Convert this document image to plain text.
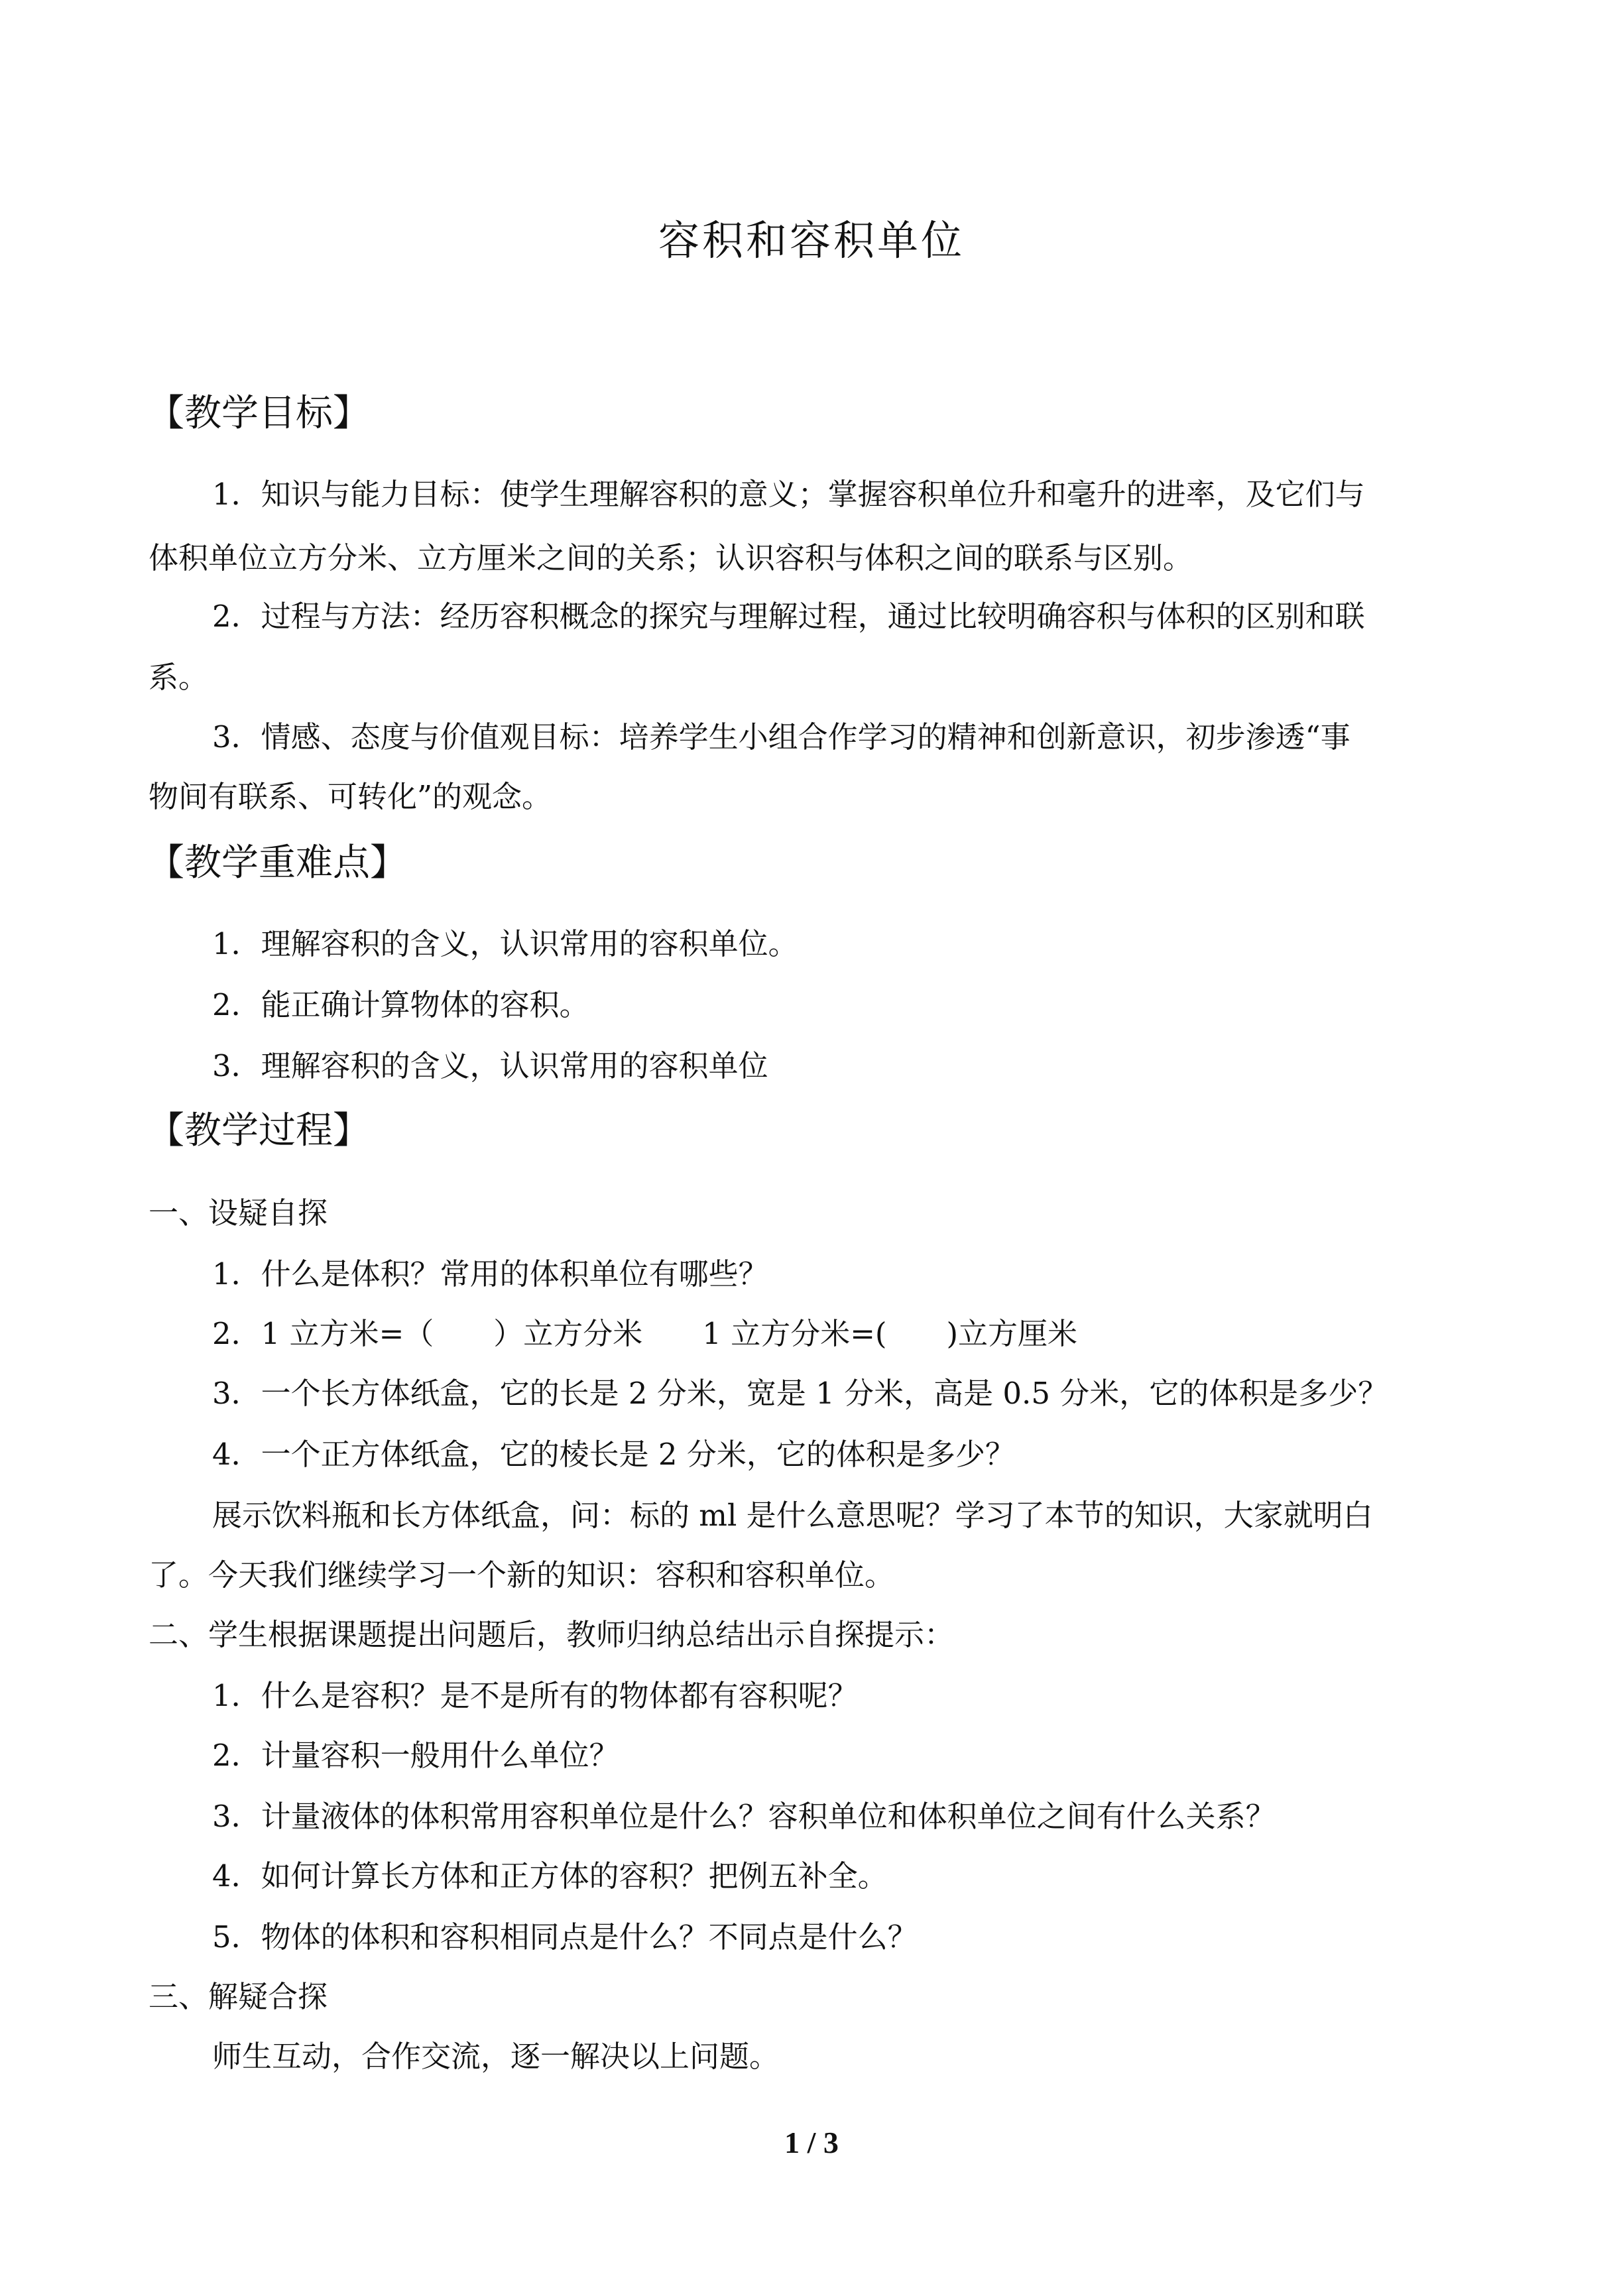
容积和容积单位
【教学目标】
1．知识与能力目标：使学生理解容积的意义；掌握容积单位升和毫升的进率，及它们与
体积单位立方分米、立方厘米之间的关系；认识容积与体积之间的联系与区别。
2．过程与方法：经历容积概念的探究与理解过程，通过比较明确容积与体积的区别和联
系。
3．情感、态度与价值观目标：培养学生小组合作学习的精神和创新意识，初步渗透“事
物间有联系、可转化”的观念。
【教学重难点】
1．理解容积的含义，认识常用的容积单位。
2．能正确计算物体的容积。
3．理解容积的含义，认识常用的容积单位
【教学过程】
一、设疑自探
1．什么是体积？常用的体积单位有哪些？
2．1 立方米=（　　）立方分米　　1 立方分米=(　　)立方厘米
3．一个长方体纸盒，它的长是 2 分米，宽是 1 分米，高是 0.5 分米，它的体积是多少？
4．一个正方体纸盒，它的棱长是 2 分米，它的体积是多少？
展示饮料瓶和长方体纸盒，问：标的 ml 是什么意思呢？学习了本节的知识，大家就明白
了。今天我们继续学习一个新的知识：容积和容积单位。
二、学生根据课题提出问题后，教师归纳总结出示自探提示：
1．什么是容积？是不是所有的物体都有容积呢？
2．计量容积一般用什么单位？
3．计量液体的体积常用容积单位是什么？容积单位和体积单位之间有什么关系？
4．如何计算长方体和正方体的容积？把例五补全。
5．物体的体积和容积相同点是什么？不同点是什么？
三、解疑合探
师生互动，合作交流，逐一解决以上问题。
1 / 3
